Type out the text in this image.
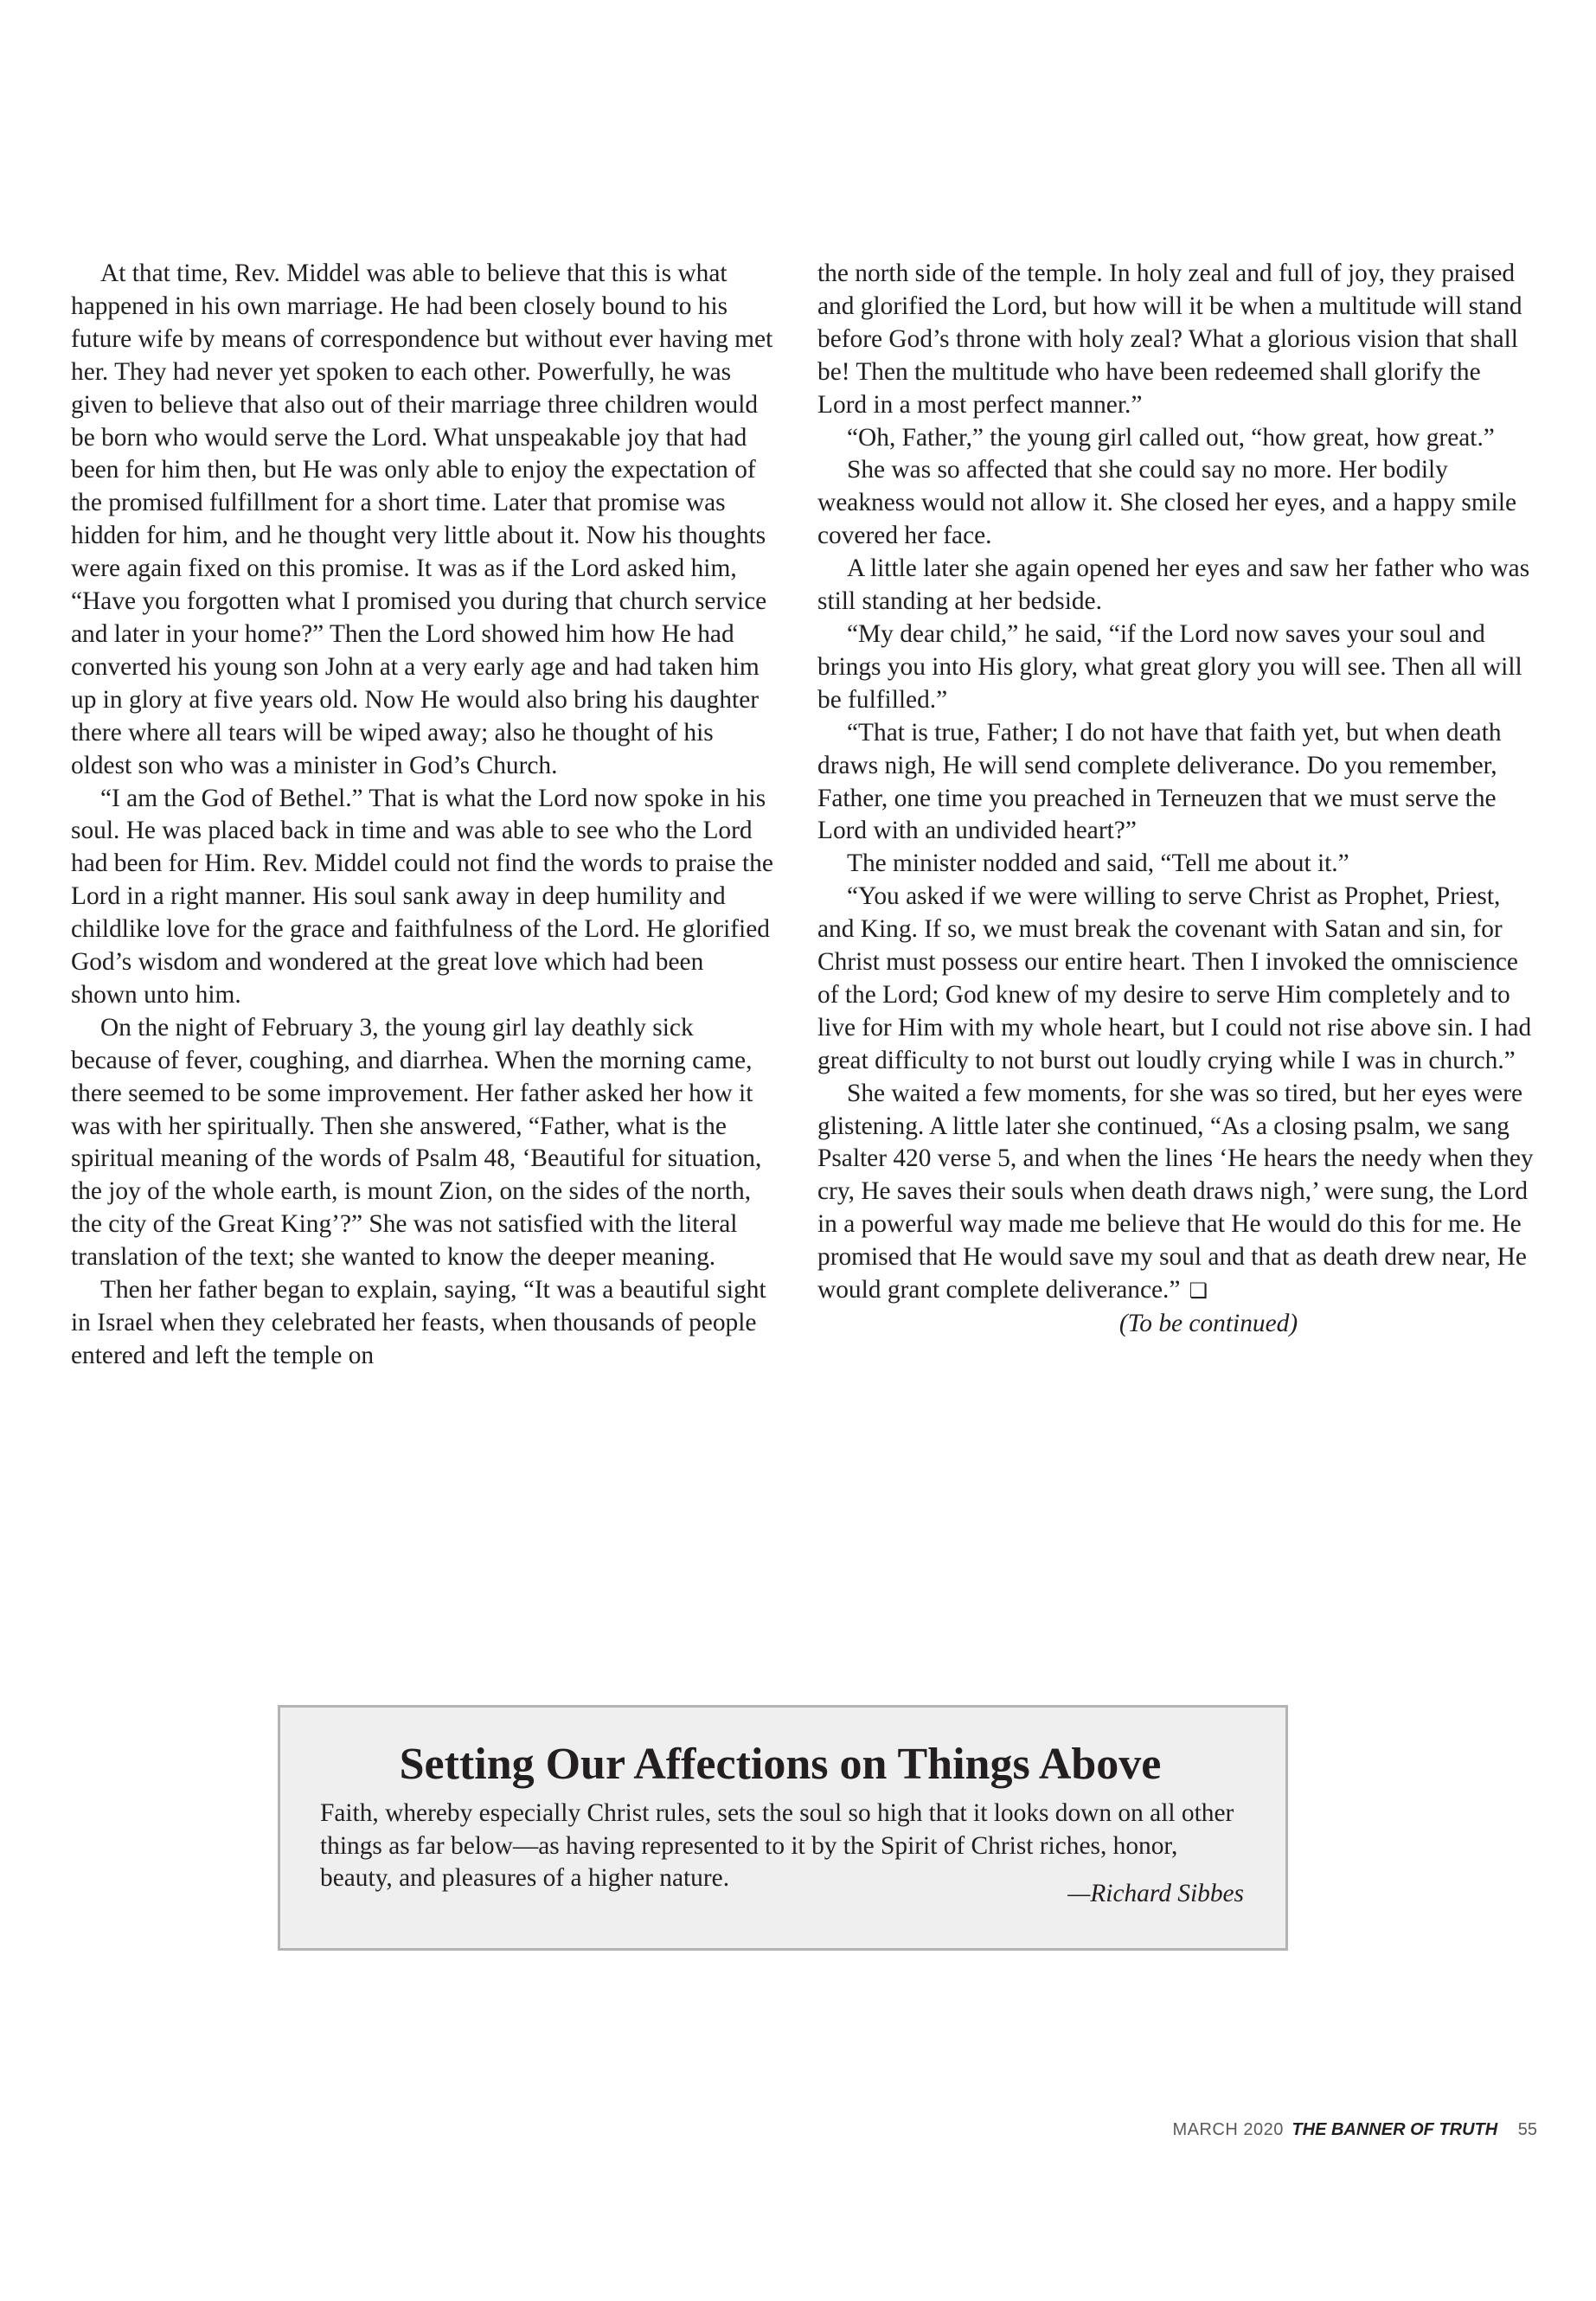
At that time, Rev. Middel was able to believe that this is what happened in his own marriage. He had been closely bound to his future wife by means of correspondence but without ever having met her. They had never yet spoken to each other. Powerfully, he was given to believe that also out of their marriage three children would be born who would serve the Lord. What unspeakable joy that had been for him then, but He was only able to enjoy the expectation of the promised fulfillment for a short time. Later that promise was hidden for him, and he thought very little about it. Now his thoughts were again fixed on this promise. It was as if the Lord asked him, “Have you forgotten what I promised you during that church service and later in your home?” Then the Lord showed him how He had converted his young son John at a very early age and had taken him up in glory at five years old. Now He would also bring his daughter there where all tears will be wiped away; also he thought of his oldest son who was a minister in God’s Church.

“I am the God of Bethel.” That is what the Lord now spoke in his soul. He was placed back in time and was able to see who the Lord had been for Him. Rev. Middel could not find the words to praise the Lord in a right manner. His soul sank away in deep humility and childlike love for the grace and faithfulness of the Lord. He glorified God’s wisdom and wondered at the great love which had been shown unto him.

On the night of February 3, the young girl lay deathly sick because of fever, coughing, and diarrhea. When the morning came, there seemed to be some improvement. Her father asked her how it was with her spiritually. Then she answered, “Father, what is the spiritual meaning of the words of Psalm 48, ‘Beautiful for situation, the joy of the whole earth, is mount Zion, on the sides of the north, the city of the Great King’?” She was not satisfied with the literal translation of the text; she wanted to know the deeper meaning.

Then her father began to explain, saying, “It was a beautiful sight in Israel when they celebrated her feasts, when thousands of people entered and left the temple on

the north side of the temple. In holy zeal and full of joy, they praised and glorified the Lord, but how will it be when a multitude will stand before God’s throne with holy zeal? What a glorious vision that shall be! Then the multitude who have been redeemed shall glorify the Lord in a most perfect manner.”

“Oh, Father,” the young girl called out, “how great, how great.”

She was so affected that she could say no more. Her bodily weakness would not allow it. She closed her eyes, and a happy smile covered her face.

A little later she again opened her eyes and saw her father who was still standing at her bedside.

“My dear child,” he said, “if the Lord now saves your soul and brings you into His glory, what great glory you will see. Then all will be fulfilled.”

“That is true, Father; I do not have that faith yet, but when death draws nigh, He will send complete deliverance. Do you remember, Father, one time you preached in Terneuzen that we must serve the Lord with an undivided heart?”

The minister nodded and said, “Tell me about it.”

“You asked if we were willing to serve Christ as Prophet, Priest, and King. If so, we must break the covenant with Satan and sin, for Christ must possess our entire heart. Then I invoked the omniscience of the Lord; God knew of my desire to serve Him completely and to live for Him with my whole heart, but I could not rise above sin. I had great difficulty to not burst out loudly crying while I was in church.”

She waited a few moments, for she was so tired, but her eyes were glistening. A little later she continued, “As a closing psalm, we sang Psalter 420 verse 5, and when the lines ‘He hears the needy when they cry, He saves their souls when death draws nigh,’ were sung, the Lord in a powerful way made me believe that He would do this for me. He promised that He would save my soul and that as death drew near, He would grant complete deliverance.” ❏

(To be continued)

Setting Our Affections on Things Above

Faith, whereby especially Christ rules, sets the soul so high that it looks down on all other things as far below—as having represented to it by the Spirit of Christ riches, honor, beauty, and pleasures of a higher nature.

—Richard Sibbes
MARCH 2020 THE BANNER OF TRUTH 55
